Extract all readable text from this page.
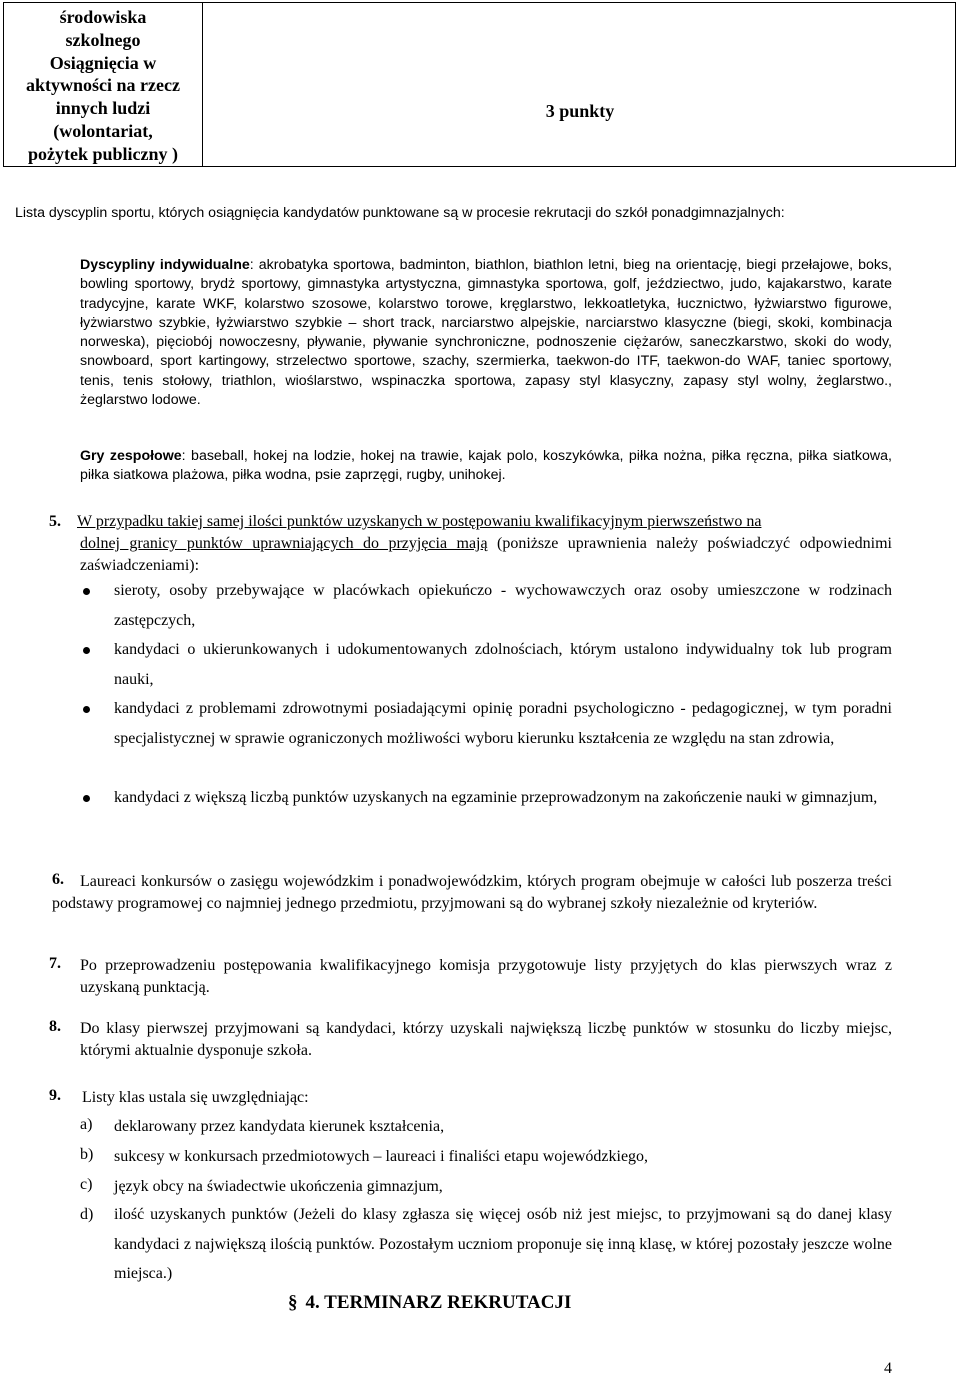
środowiska
szkolnego
Osiągnięcia w
aktywności na rzecz
innych ludzi
(wolontariat,
pożytek publiczny )
3 punkty
Lista dyscyplin sportu, których osiągnięcia kandydatów punktowane są w procesie rekrutacji do szkół ponadgimnazjalnych:
Dyscypliny indywidualne: akrobatyka sportowa, badminton, biathlon, biathlon letni, bieg na orientację, biegi przełajowe, boks, bowling sportowy, brydż sportowy, gimnastyka artystyczna, gimnastyka sportowa, golf, jeździectwo, judo, kajakarstwo, karate tradycyjne, karate WKF, kolarstwo szosowe, kolarstwo torowe, kręglarstwo, lekkoatletyka, łucznictwo, łyżwiarstwo figurowe, łyżwiarstwo szybkie, łyżwiarstwo szybkie – short track, narciarstwo alpejskie, narciarstwo klasyczne (biegi, skoki, kombinacja norweska), pięciobój nowoczesny, pływanie, pływanie synchroniczne, podnoszenie ciężarów, saneczkarstwo, skoki do wody, snowboard, sport kartingowy, strzelectwo sportowe, szachy, szermierka, taekwon-do ITF, taekwon-do WAF, taniec sportowy, tenis, tenis stołowy, triathlon, wioślarstwo, wspinaczka sportowa, zapasy styl klasyczny, zapasy styl wolny, żeglarstwo., żeglarstwo lodowe.
Gry zespołowe: baseball, hokej na lodzie, hokej na trawie, kajak polo, koszykówka, piłka nożna, piłka ręczna, piłka siatkowa, piłka siatkowa plażowa, piłka wodna, psie zaprzęgi, rugby, unihokej.
5. W przypadku takiej samej ilości punktów uzyskanych w postępowaniu kwalifikacyjnym pierwszeństwo na
dolnej granicy punktów uprawniających do przyjęcia mają (poniższe uprawnienia należy poświadczyć odpowiednimi zaświadczeniami):
sieroty, osoby przebywające w placówkach opiekuńczo - wychowawczych oraz osoby umieszczone w rodzinach zastępczych,
kandydaci o ukierunkowanych i udokumentowanych zdolnościach, którym ustalono indywidualny tok lub program nauki,
kandydaci z problemami zdrowotnymi posiadającymi opinię poradni psychologiczno - pedagogicznej, w tym poradni specjalistycznej w sprawie ograniczonych możliwości wyboru kierunku kształcenia ze względu na stan zdrowia,
kandydaci z większą liczbą punktów uzyskanych na egzaminie przeprowadzonym na zakończenie nauki w gimnazjum,
6.	Laureaci konkursów o zasięgu wojewódzkim i ponadwojewódzkim, których program obejmuje w całości lub poszerza treści podstawy programowej co najmniej jednego przedmiotu, przyjmowani są do wybranej szkoły niezależnie od kryteriów.
7. Po przeprowadzeniu postępowania kwalifikacyjnego komisja przygotowuje listy przyjętych do klas pierwszych wraz z uzyskaną punktacją.
8. Do klasy pierwszej przyjmowani są kandydaci, którzy uzyskali największą liczbę punktów w stosunku do liczby miejsc, którymi aktualnie dysponuje szkoła.
9. Listy klas ustala się uwzględniając:
a) deklarowany przez kandydata kierunek kształcenia,
b) sukcesy w konkursach przedmiotowych – laureaci i finaliści etapu wojewódzkiego,
c) język obcy na świadectwie ukończenia gimnazjum,
d) ilość uzyskanych punktów (Jeżeli do klasy zgłasza się więcej osób niż jest miejsc, to przyjmowani są do danej klasy kandydaci z największą ilością punktów. Pozostałym uczniom proponuje się inną klasę, w której pozostały jeszcze wolne miejsca.)
§ 4. TERMINARZ REKRUTACJI
4
